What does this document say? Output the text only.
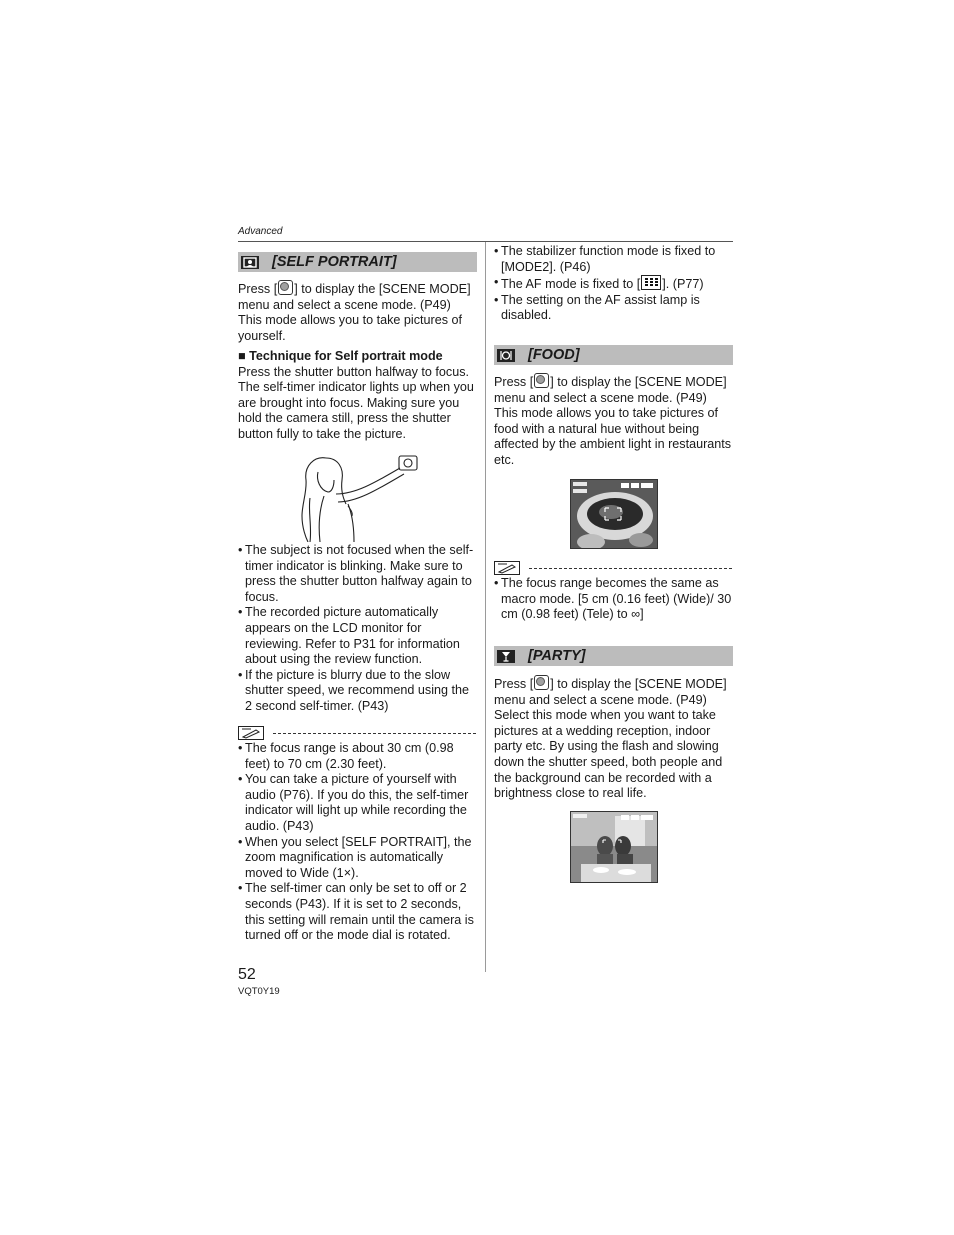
Advanced
[SELF PORTRAIT]

Press [ ] to display the [SCENE MODE] menu and select a scene mode. (P49)

This mode allows you to take pictures of yourself.

■ Technique for Self portrait mode

Press the shutter button halfway to focus. The self-timer indicator lights up when you are brought into focus. Making sure you hold the camera still, press the shutter button fully to take the picture.

• The subject is not focused when the self-timer indicator is blinking. Make sure to press the shutter button halfway again to focus.
• The recorded picture automatically appears on the LCD monitor for reviewing. Refer to P31 for information about using the review function.
• If the picture is blurry due to the slow shutter speed, we recommend using the 2 second self-timer. (P43)
• The focus range is about 30 cm (0.98 feet) to 70 cm (2.30 feet).
• You can take a picture of yourself with audio (P76). If you do this, the self-timer indicator will light up while recording the audio. (P43)
• When you select [SELF PORTRAIT], the zoom magnification is automatically moved to Wide (1×).
• The self-timer can only be set to off or 2 seconds (P43). If it is set to 2 seconds, this setting will remain until the camera is turned off or the mode dial is rotated.
• The stabilizer function mode is fixed to [MODE2]. (P46)
• The AF mode is fixed to [ ]. (P77)
• The setting on the AF assist lamp is disabled.
[FOOD]

Press [ ] to display the [SCENE MODE] menu and select a scene mode. (P49)

This mode allows you to take pictures of food with a natural hue without being affected by the ambient light in restaurants etc.

• The focus range becomes the same as macro mode. [5 cm (0.16 feet) (Wide)/ 30 cm (0.98 feet) (Tele) to ∞]
[PARTY]

Press [ ] to display the [SCENE MODE] menu and select a scene mode. (P49)

Select this mode when you want to take pictures at a wedding reception, indoor party etc. By using the flash and slowing down the shutter speed, both people and the background can be recorded with a brightness close to real life.

52
VQT0Y19
